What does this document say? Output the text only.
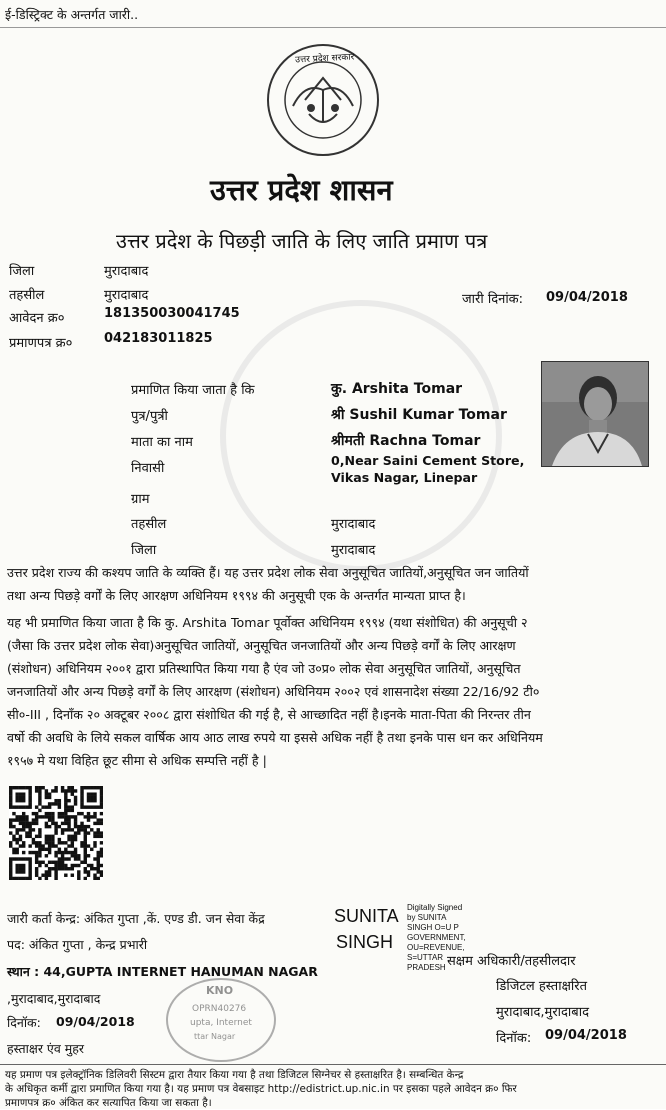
ई-डिस्ट्रिक्ट के अन्तर्गत जारी..
उत्तर प्रदेश सरकार
उत्तर प्रदेश शासन
उत्तर प्रदेश के पिछड़ी जाति के लिए जाति प्रमाण पत्र
जिला	मुरादाबाद
तहसील	मुरादाबाद
आवेदन क्र०	181350030041745
प्रमाणपत्र क्र० 042183011825
जारी दिनांक: 09/04/2018
प्रमाणित किया जाता है कि	कु. Arshita Tomar
पुत्र/पुत्री	श्री Sushil Kumar Tomar
माता का नाम	श्रीमती Rachna Tomar
निवासी
0,Near Saini Cement Store,
Vikas Nagar, Linepar
ग्राम
तहसील	मुरादाबाद
जिला	मुरादाबाद
उत्तर प्रदेश राज्य की कश्यप जाति के व्यक्ति हैं। यह उत्तर प्रदेश लोक सेवा अनुसूचित जातियों,अनुसूचित जन जातियों
तथा अन्य पिछड़े वर्गों के लिए आरक्षण अधिनियम १९९४ की अनुसूची एक के अन्तर्गत मान्यता प्राप्त है।
यह भी प्रमाणित किया जाता है कि कु. Arshita Tomar पूर्वोक्त अधिनियम १९९४ (यथा संशोधित) की अनुसूची २
(जैसा कि उत्तर प्रदेश लोक सेवा)अनुसूचित जातियों, अनुसूचित जनजातियों और अन्य पिछड़े वर्गों के लिए आरक्षण
(संशोधन) अधिनियम २००१ द्वारा प्रतिस्थापित किया गया है एंव जो उ०प्र० लोक सेवा अनुसूचित जातियों, अनुसूचित
जनजातियों और अन्य पिछड़े वर्गों के लिए आरक्षण (संशोधन) अधिनियम २००२ एवं शासनादेश संख्या 22/16/92 टी०
सी०-III , दिनाँक २० अक्टूबर २००८ द्वारा संशोधित की गई है, से आच्छादित नहीं है।इनके माता-पिता की निरन्तर तीन
वर्षो की अवधि के लिये सकल वार्षिक आय आठ लाख रुपये या इससे अधिक नहीं है तथा इनके पास धन कर अधिनियम
१९५७ मे यथा विहित छूट सीमा से अधिक सम्पत्ति नहीं है |
जारी कर्ता केन्द्र: अंकित गुप्ता ,कें. एण्ड डी. जन सेवा केंद्र
पद: अंकित गुप्ता , केन्द्र प्रभारी
स्थान : 44,GUPTA INTERNET HANUMAN NAGAR
,मुरादाबाद,मुरादाबाद
दिनॉक: 09/04/2018
हस्ताक्षर एंव मुहर
KNO
OPRN40276
upta, Internet
ttar Nagar
SUNITA
SINGH
Digitally Signed
by SUNITA
SINGH O=U P
GOVERNMENT,
OU=REVENUE,
S=UTTAR
PRADESH सक्षम अधिकारी/तहसीलदार
डिजिटल हस्ताक्षरित
मुरादाबाद,मुरादाबाद
दिनॉक: 09/04/2018
यह प्रमाण पत्र इलेक्ट्रॉनिक डिलिवरी सिस्टम द्वारा तैयार किया गया है तथा डिजिटल सिग्नेचर से हस्ताक्षरित है। सम्बन्धित केन्द्र
के अधिकृत कर्मी द्वारा प्रमाणित किया गया है। यह प्रमाण पत्र वेबसाइट http://edistrict.up.nic.in पर इसका पहले आवेदन क्र० फिर
प्रमाणपत्र क्र० अंकित कर सत्यापित किया जा सकता है।
